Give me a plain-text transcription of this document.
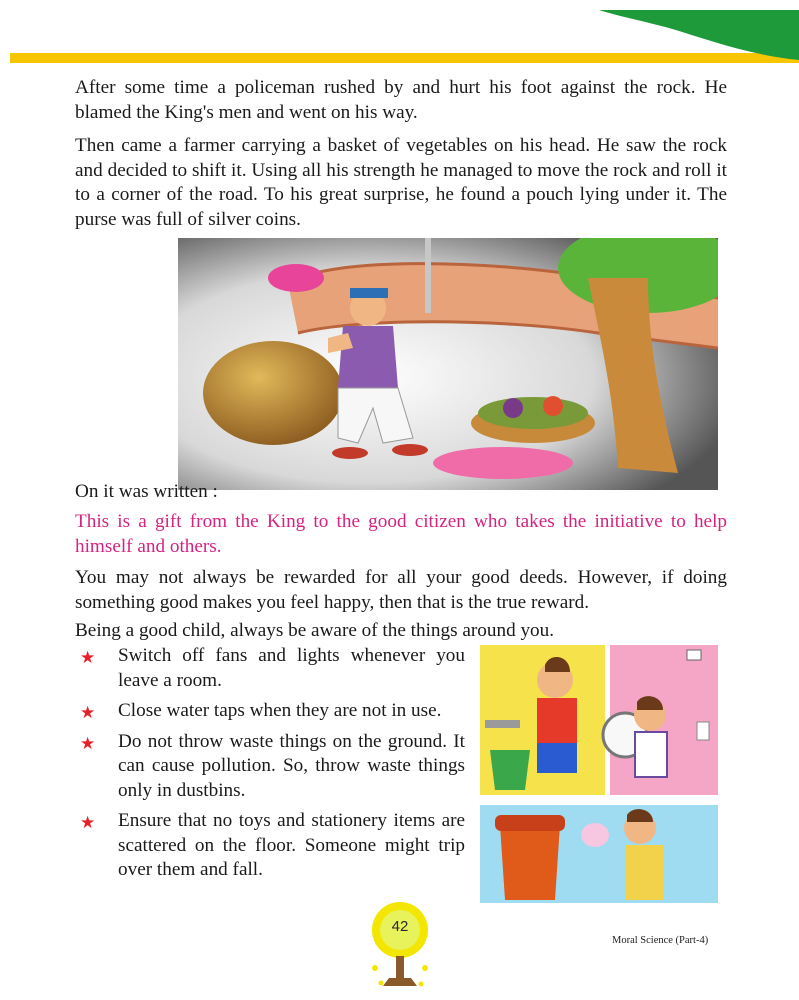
After some time a policeman rushed by and hurt his foot against the rock. He blamed the King's men and went on his way.

Then came a farmer carrying a basket of vegetables on his head. He saw the rock and decided to shift it. Using all his strength he managed to move the rock and roll it to a corner of the road. To his great surprise, he found a pouch lying under it. The purse was full of silver coins.

On it was written :

This is a gift from the King to the good citizen who takes the initiative to help himself and others.

You may not always be rewarded for all your good deeds. However, if doing something good makes you feel happy, then that is the true reward.

Being a good child, always be aware of the things around you.

★ Switch off fans and lights whenever you leave a room.
★ Close water taps when they are not in use.
★ Do not throw waste things on the ground. It can cause pollution. So, throw waste things only in dustbins.
★ Ensure that no toys and stationery items are scattered on the floor. Someone might trip over them and fall.
42
Moral Science (Part-4)
